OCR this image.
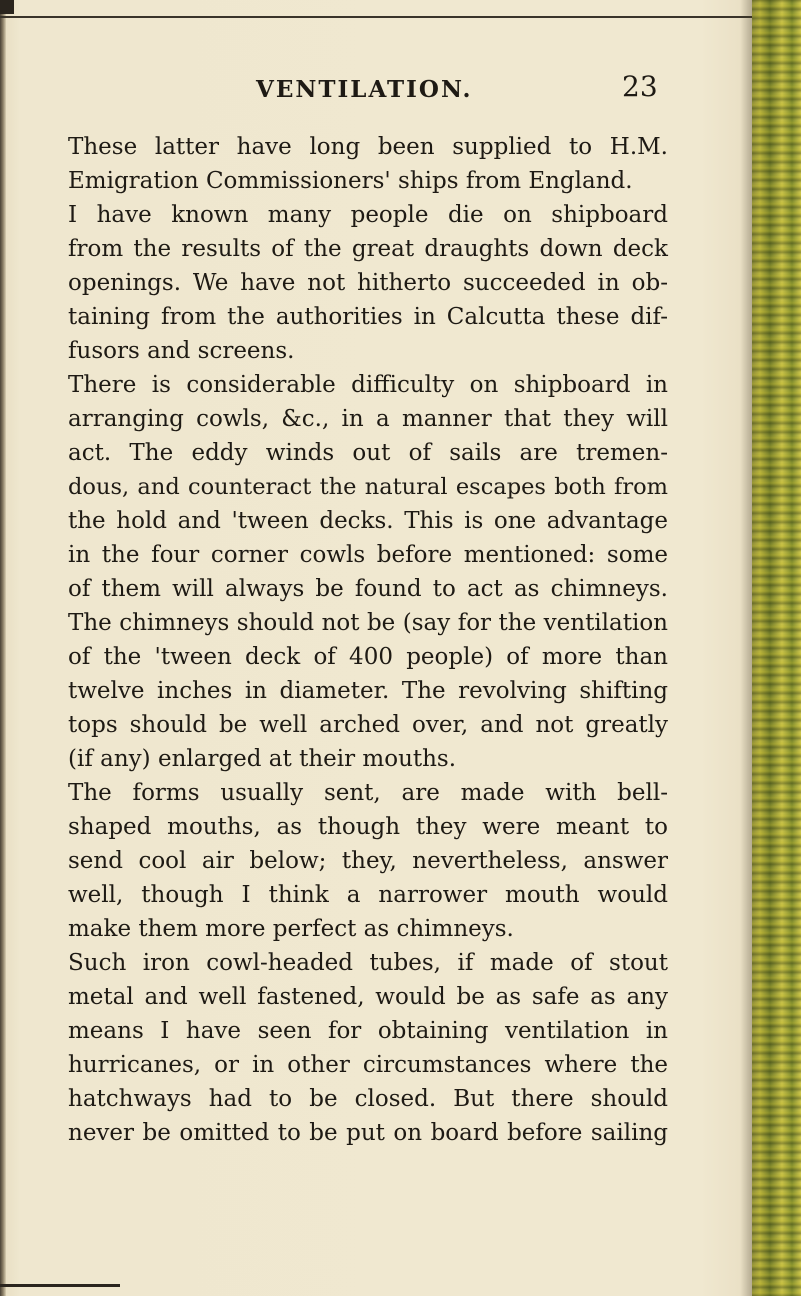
VENTILATION.	23
These latter have long been supplied to H.M.
Emigration Commissioners' ships from England.
I have known many people die on shipboard
from the results of the great draughts down deck
openings. We have not hitherto succeeded in ob-
taining from the authorities in Calcutta these dif-
fusors and screens.
There is considerable difficulty on shipboard in
arranging cowls, &c., in a manner that they will
act. The eddy winds out of sails are tremen-
dous, and counteract the natural escapes both from
the hold and 'tween decks. This is one advantage
in the four corner cowls before mentioned: some
of them will always be found to act as chimneys.
The chimneys should not be (say for the ventilation
of the 'tween deck of 400 people) of more than
twelve inches in diameter. The revolving shifting
tops should be well arched over, and not greatly
(if any) enlarged at their mouths.
The forms usually sent, are made with bell-
shaped mouths, as though they were meant to
send cool air below; they, nevertheless, answer
well, though I think a narrower mouth would
make them more perfect as chimneys.
Such iron cowl-headed tubes, if made of stout
metal and well fastened, would be as safe as any
means I have seen for obtaining ventilation in
hurricanes, or in other circumstances where the
hatchways had to be closed. But there should
never be omitted to be put on board before sailing
